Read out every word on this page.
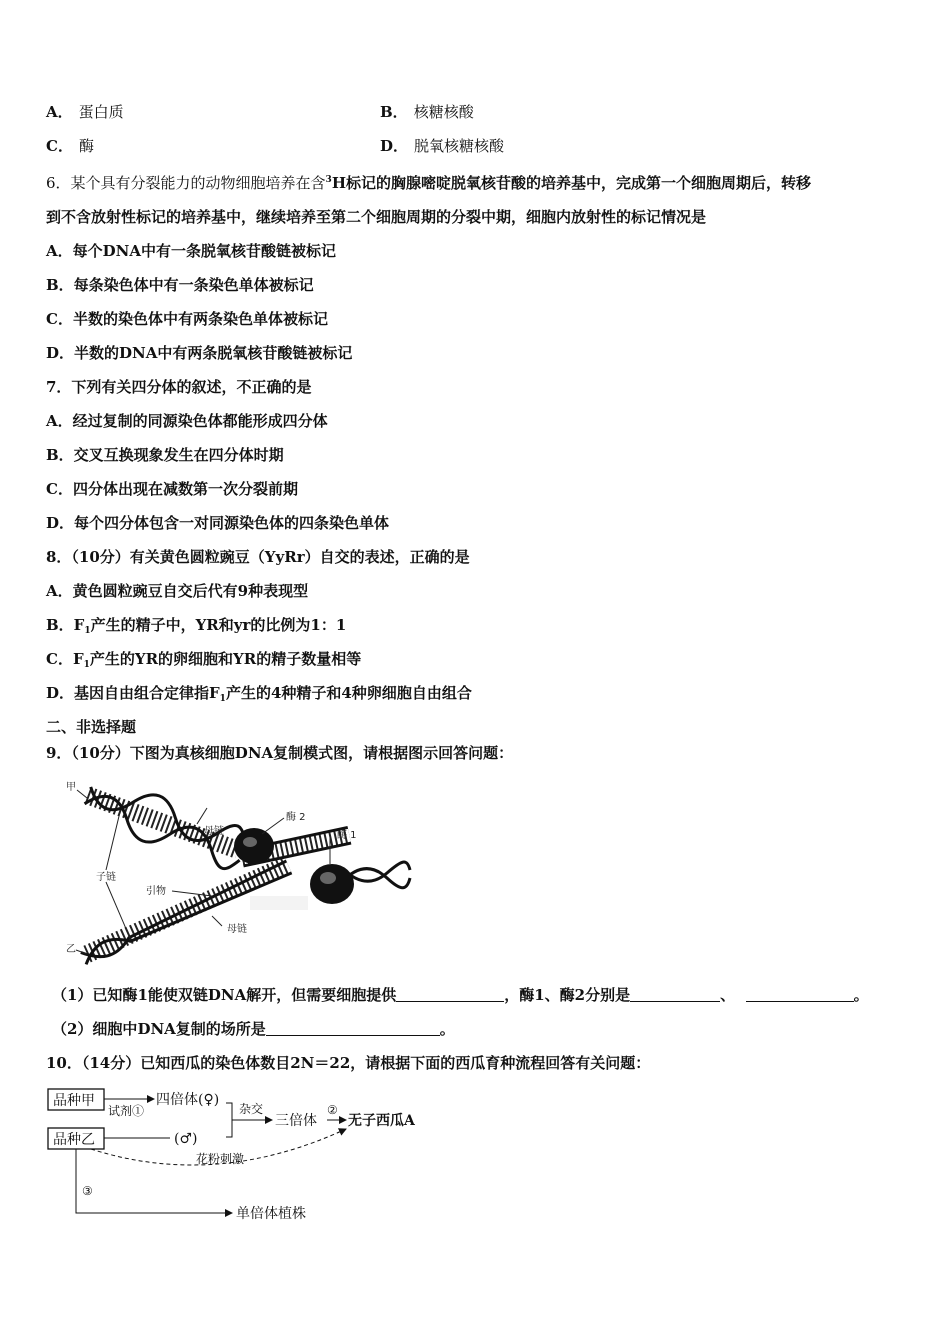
A． 蛋白质	B． 核糖核酸
C． 酶	D． 脱氧核糖核酸
6．某个具有分裂能力的动物细胞培养在含$^3$H标记的胸腺嘧啶脱氧核苷酸的培养基中，完成第一个细胞周期后，转移
到不含放射性标记的培养基中，继续培养至第二个细胞周期的分裂中期，细胞内放射性的标记情况是
A．每个DNA中有一条脱氧核苷酸链被标记
B．每条染色体中有一条染色单体被标记
C．半数的染色体中有两条染色单体被标记
D．半数的DNA中有两条脱氧核苷酸链被标记
7．下列有关四分体的叙述，不正确的是
A．经过复制的同源染色体都能形成四分体
B．交叉互换现象发生在四分体时期
C．四分体出现在减数第一次分裂前期
D．每个四分体包含一对同源染色体的四条染色单体
8．（10分）有关黄色圆粒豌豆（YyRr）自交的表述，正确的是
A．黄色圆粒豌豆自交后代有9种表现型
B．$F_1$产生的精子中，YR和yr的比例为1：1
C．$F_1$产生的YR的卵细胞和YR的精子数量相等
D．基因自由组合定律指$F_1$产生的4种精子和4种卵细胞自由组合
二、非选择题
9．（10分）下图为真核细胞DNA复制模式图，请根据图示回答问题：
甲
母链
酶 2
酶 1
子链
引物
母链
乙
（1）已知酶1能使双链DNA解开，但需要细胞提供	，酶1、酶2分别是	、	。
（2）细胞中DNA复制的场所是	。
10．（14分）已知西瓜的染色体数目2N＝22，请根据下面的西瓜育种流程回答有关问题：
品种甲
品种乙
试剂①
四倍体(♀)
(♂)
杂交
三倍体
②
无子西瓜A
花粉刺激
③
单倍体植株
